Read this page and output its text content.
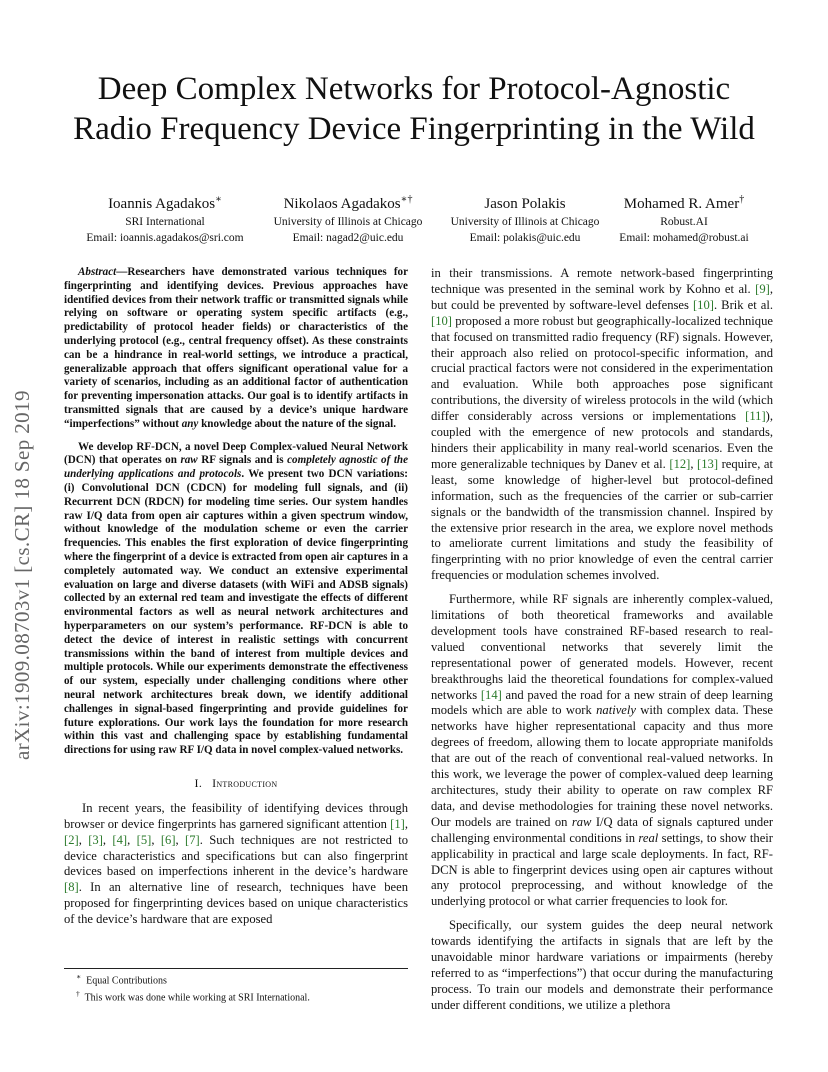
arXiv:1909.08703v1 [cs.CR] 18 Sep 2019
Deep Complex Networks for Protocol-Agnostic
Radio Frequency Device Fingerprinting in the Wild
Ioannis Agadakos∗
SRI International
Email: ioannis.agadakos@sri.com
Nikolaos Agadakos∗†
University of Illinois at Chicago
Email: nagad2@uic.edu
Jason Polakis
University of Illinois at Chicago
Email: polakis@uic.edu
Mohamed R. Amer†
Robust.AI
Email: mohamed@robust.ai

Abstract—Researchers have demonstrated various techniques for fingerprinting and identifying devices. Previous approaches have identified devices from their network traffic or transmitted signals while relying on software or operating system specific artifacts (e.g., predictability of protocol header fields) or characteristics of the underlying protocol (e.g., central frequency offset). As these constraints can be a hindrance in real-world settings, we introduce a practical, generalizable approach that offers significant operational value for a variety of scenarios, including as an additional factor of authentication for preventing impersonation attacks. Our goal is to identify artifacts in transmitted signals that are caused by a device’s unique hardware “imperfections” without any knowledge about the nature of the signal.

We develop RF-DCN, a novel Deep Complex-valued Neural Network (DCN) that operates on raw RF signals and is completely agnostic of the underlying applications and protocols. We present two DCN variations: (i) Convolutional DCN (CDCN) for modeling full signals, and (ii) Recurrent DCN (RDCN) for modeling time series. Our system handles raw I/Q data from open air captures within a given spectrum window, without knowledge of the modulation scheme or even the carrier frequencies. This enables the first exploration of device fingerprinting where the fingerprint of a device is extracted from open air captures in a completely automated way. We conduct an extensive experimental evaluation on large and diverse datasets (with WiFi and ADSB signals) collected by an external red team and investigate the effects of different environmental factors as well as neural network architectures and hyperparameters on our system’s performance. RF-DCN is able to detect the device of interest in realistic settings with concurrent transmissions within the band of interest from multiple devices and multiple protocols. While our experiments demonstrate the effectiveness of our system, especially under challenging conditions where other neural network architectures break down, we identify additional challenges in signal-based fingerprinting and provide guidelines for future explorations. Our work lays the foundation for more research within this vast and challenging space by establishing fundamental directions for using raw RF I/Q data in novel complex-valued networks.

I. Introduction

In recent years, the feasibility of identifying devices through browser or device fingerprints has garnered significant attention [ 1 ] , [ 2 ] , [ 3 ] , [ 4 ] , [ 5 ] , [ 6 ] , [ 7 ] . Such techniques are not restricted to device characteristics and specifications but can also fingerprint devices based on imperfections inherent in the device’s hardware [ 8 ] . In an alternative line of research, techniques have been proposed for fingerprinting devices based on unique characteristics of the device’s hardware that are exposed

in their transmissions. A remote network-based fingerprinting technique was presented in the seminal work by Kohno et al. [ 9 ] , but could be prevented by software-level defenses [ 10 ] . Brik et al. [ 10 ] proposed a more robust but geographically-localized technique that focused on transmitted radio frequency (RF) signals. However, their approach also relied on protocol-specific information, and crucial practical factors were not considered in the experimentation and evaluation. While both approaches pose significant contributions, the diversity of wireless protocols in the wild (which differ considerably across versions or implementations [ 11 ] ), coupled with the emergence of new protocols and standards, hinders their applicability in many real-world scenarios. Even the more generalizable techniques by Danev et al. [ 12 ] , [ 13 ] require, at least, some knowledge of higher-level but protocol-defined information, such as the frequencies of the carrier or sub-carrier signals or the bandwidth of the transmission channel. Inspired by the extensive prior research in the area, we explore novel methods to ameliorate current limitations and study the feasibility of fingerprinting with no prior knowledge of even the central carrier frequencies or modulation schemes involved.

Furthermore, while RF signals are inherently complex-valued, limitations of both theoretical frameworks and available development tools have constrained RF-based research to real-valued conventional networks that severely limit the representational power of generated models. However, recent breakthroughs laid the theoretical foundations for complex-valued networks [ 14 ] and paved the road for a new strain of deep learning models which are able to work natively with complex data. These networks have higher representational capacity and thus more degrees of freedom, allowing them to locate appropriate manifolds that are out of the reach of conventional real-valued networks. In this work, we leverage the power of complex-valued deep learning architectures, study their ability to operate on raw complex RF data, and devise methodologies for training these novel networks. Our models are trained on raw I/Q data of signals captured under challenging environmental conditions in real settings, to show their applicability in practical and large scale deployments. In fact, RF-DCN is able to fingerprint devices using open air captures without any protocol preprocessing, and without knowledge of the underlying protocol or what carrier frequencies to look for.

Specifically, our system guides the deep neural network towards identifying the artifacts in signals that are left by the unavoidable minor hardware variations or impairments (hereby referred to as “imperfections”) that occur during the manufacturing process. To train our models and demonstrate their performance under different conditions, we utilize a plethora

∗ Equal Contributions
† This work was done while working at SRI International.
